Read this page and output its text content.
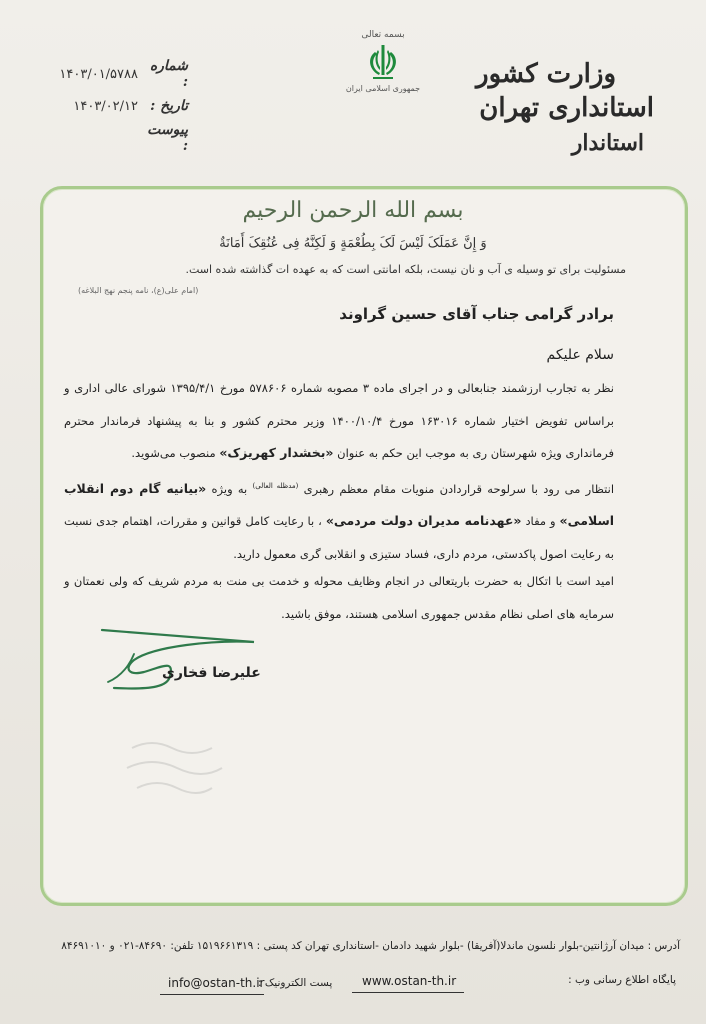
وزارت کشور
استانداری تهران
استاندار
بسمه تعالی
جمهوری اسلامی ایران
شماره :
۱۴۰۳/۰۱/۵۷۸۸
تاریخ :
۱۴۰۳/۰۲/۱۲
پیوست :
بسم الله الرحمن الرحیم
وَ إِنَّ عَمَلَکَ لَیْسَ لَکَ بِطُعْمَةٍ وَ لَکِنَّهُ فِی عُنُقِکَ أَمَانَةٌ
مسئولیت برای تو وسیله ی آب و نان نیست، بلکه امانتی است که به عهده ات گذاشته شده است.
(امام علی(ع)، نامه پنجم نهج البلاغه)
برادر گرامی جناب آقای حسین گراوند
سلام علیکم
نظر به تجارب ارزشمند جنابعالی و در اجرای ماده ۳ مصوبه شماره ۵۷۸۶۰۶ مورخ ۱۳۹۵/۴/۱ شورای عالی اداری و براساس تفویض اختیار شماره ۱۶۳۰۱۶ مورخ ۱۴۰۰/۱۰/۴ وزیر محترم کشور و بنا به پیشنهاد فرماندار محترم فرمانداری ویژه شهرستان ری به موجب این حکم به عنوان «بخشدار کهریزک» منصوب می‌شوید.
انتظار می رود با سرلوحه قراردادن منویات مقام معظم رهبری $^{(مدظله العالی)}$ به ویژه «بیانیه گام دوم انقلاب اسلامی» و مفاد «عهدنامه مدیران دولت مردمی» ، با رعایت کامل قوانین و مقررات، اهتمام جدی نسبت به رعایت اصول پاکدستی، مردم داری، فساد ستیزی و انقلابی گری معمول دارید.
امید است با اتکال به حضرت باریتعالی در انجام وظایف محوله و خدمت بی منت به مردم شریف که ولی نعمتان و سرمایه های اصلی نظام مقدس جمهوری اسلامی هستند، موفق باشید.
علیرضا فخاری
آدرس : میدان آرژانتین-بلوار نلسون ماندلا(آفریقا) -بلوار شهید دادمان -استانداری تهران کد پستی : ۱۵۱۹۶۶۱۳۱۹ تلفن: ۸۴۶۹۰-۰۲۱ و ۸۴۶۹۱۰۱۰
پایگاه اطلاع رسانی وب :
www.ostan-th.ir
پست الکترونیک :
info@ostan-th.ir
